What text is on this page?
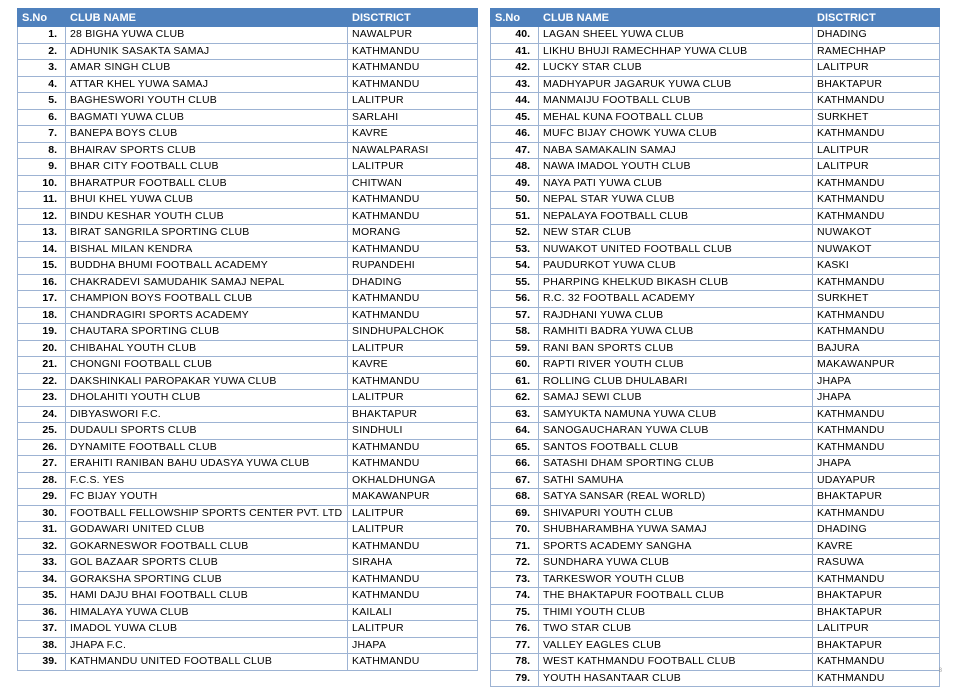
S.No	CLUB NAME	DISCTRICT
1.	28 BIGHA YUWA CLUB	NAWALPUR
2.	ADHUNIK SASAKTA SAMAJ	KATHMANDU
3.	AMAR SINGH CLUB	KATHMANDU
4.	ATTAR KHEL YUWA SAMAJ	KATHMANDU
5.	BAGHESWORI YOUTH CLUB	LALITPUR
6.	BAGMATI YUWA CLUB	SARLAHI
7.	BANEPA BOYS CLUB	KAVRE
8.	BHAIRAV SPORTS CLUB	NAWALPARASI
9.	BHAR CITY FOOTBALL CLUB	LALITPUR
10.	BHARATPUR FOOTBALL CLUB	CHITWAN
11.	BHUI KHEL YUWA CLUB	KATHMANDU
12.	BINDU KESHAR YOUTH CLUB	KATHMANDU
13.	BIRAT SANGRILA SPORTING CLUB	MORANG
14.	BISHAL MILAN KENDRA	KATHMANDU
15.	BUDDHA BHUMI FOOTBALL ACADEMY	RUPANDEHI
16.	CHAKRADEVI SAMUDAHIK SAMAJ NEPAL	DHADING
17.	CHAMPION BOYS FOOTBALL CLUB	KATHMANDU
18.	CHANDRAGIRI SPORTS ACADEMY	KATHMANDU
19.	CHAUTARA SPORTING CLUB	SINDHUPALCHOK
20.	CHIBAHAL YOUTH CLUB	LALITPUR
21.	CHONGNI FOOTBALL CLUB	KAVRE
22.	DAKSHINKALI PAROPAKAR YUWA CLUB	KATHMANDU
23.	DHOLAHITI YOUTH CLUB	LALITPUR
24.	DIBYASWORI F.C.	BHAKTAPUR
25.	DUDAULI SPORTS CLUB	SINDHULI
26.	DYNAMITE FOOTBALL CLUB	KATHMANDU
27.	ERAHITI RANIBAN BAHU UDASYA YUWA CLUB	KATHMANDU
28.	F.C.S. YES	OKHALDHUNGA
29.	FC BIJAY YOUTH	MAKAWANPUR
30.	FOOTBALL FELLOWSHIP SPORTS CENTER PVT. LTD	LALITPUR
31.	GODAWARI UNITED CLUB	LALITPUR
32.	GOKARNESWOR FOOTBALL CLUB	KATHMANDU
33.	GOL BAZAAR SPORTS CLUB	SIRAHA
34.	GORAKSHA SPORTING CLUB	KATHMANDU
35.	HAMI DAJU BHAI FOOTBALL CLUB	KATHMANDU
36.	HIMALAYA YUWA CLUB	KAILALI
37.	IMADOL YUWA CLUB	LALITPUR
38.	JHAPA F.C.	JHAPA
39.	KATHMANDU UNITED FOOTBALL CLUB	KATHMANDU
S.No	CLUB NAME	DISCTRICT
40.	LAGAN SHEEL YUWA CLUB	DHADING
41.	LIKHU BHUJI RAMECHHAP YUWA CLUB	RAMECHHAP
42.	LUCKY STAR CLUB	LALITPUR
43.	MADHYAPUR JAGARUK YUWA CLUB	BHAKTAPUR
44.	MANMAIJU FOOTBALL CLUB	KATHMANDU
45.	MEHAL KUNA FOOTBALL CLUB	SURKHET
46.	MUFC BIJAY CHOWK YUWA CLUB	KATHMANDU
47.	NABA SAMAKALIN SAMAJ	LALITPUR
48.	NAWA IMADOL YOUTH CLUB	LALITPUR
49.	NAYA PATI YUWA CLUB	KATHMANDU
50.	NEPAL STAR YUWA CLUB	KATHMANDU
51.	NEPALAYA FOOTBALL CLUB	KATHMANDU
52.	NEW STAR CLUB	NUWAKOT
53.	NUWAKOT UNITED FOOTBALL CLUB	NUWAKOT
54.	PAUDURKOT YUWA CLUB	KASKI
55.	PHARPING KHELKUD BIKASH CLUB	KATHMANDU
56.	R.C. 32 FOOTBALL ACADEMY	SURKHET
57.	RAJDHANI YUWA CLUB	KATHMANDU
58.	RAMHITI BADRA YUWA CLUB	KATHMANDU
59.	RANI BAN SPORTS CLUB	BAJURA
60.	RAPTI RIVER YOUTH CLUB	MAKAWANPUR
61.	ROLLING CLUB DHULABARI	JHAPA
62.	SAMAJ SEWI CLUB	JHAPA
63.	SAMYUKTA NAMUNA YUWA CLUB	KATHMANDU
64.	SANOGAUCHARAN YUWA CLUB	KATHMANDU
65.	SANTOS FOOTBALL CLUB	KATHMANDU
66.	SATASHI DHAM SPORTING CLUB	JHAPA
67.	SATHI SAMUHA	UDAYAPUR
68.	SATYA SANSAR (REAL WORLD)	BHAKTAPUR
69.	SHIVAPURI YOUTH CLUB	KATHMANDU
70.	SHUBHARAMBHA YUWA SAMAJ	DHADING
71.	SPORTS ACADEMY SANGHA	KAVRE
72.	SUNDHARA YUWA CLUB	RASUWA
73.	TARKESWOR YOUTH CLUB	KATHMANDU
74.	THE BHAKTAPUR FOOTBALL CLUB	BHAKTAPUR
75.	THIMI YOUTH CLUB	BHAKTAPUR
76.	TWO STAR CLUB	LALITPUR
77.	VALLEY EAGLES CLUB	BHAKTAPUR
78.	WEST KATHMANDU FOOTBALL CLUB	KATHMANDU
79.	YOUTH HASANTAAR CLUB	KATHMANDU
8
